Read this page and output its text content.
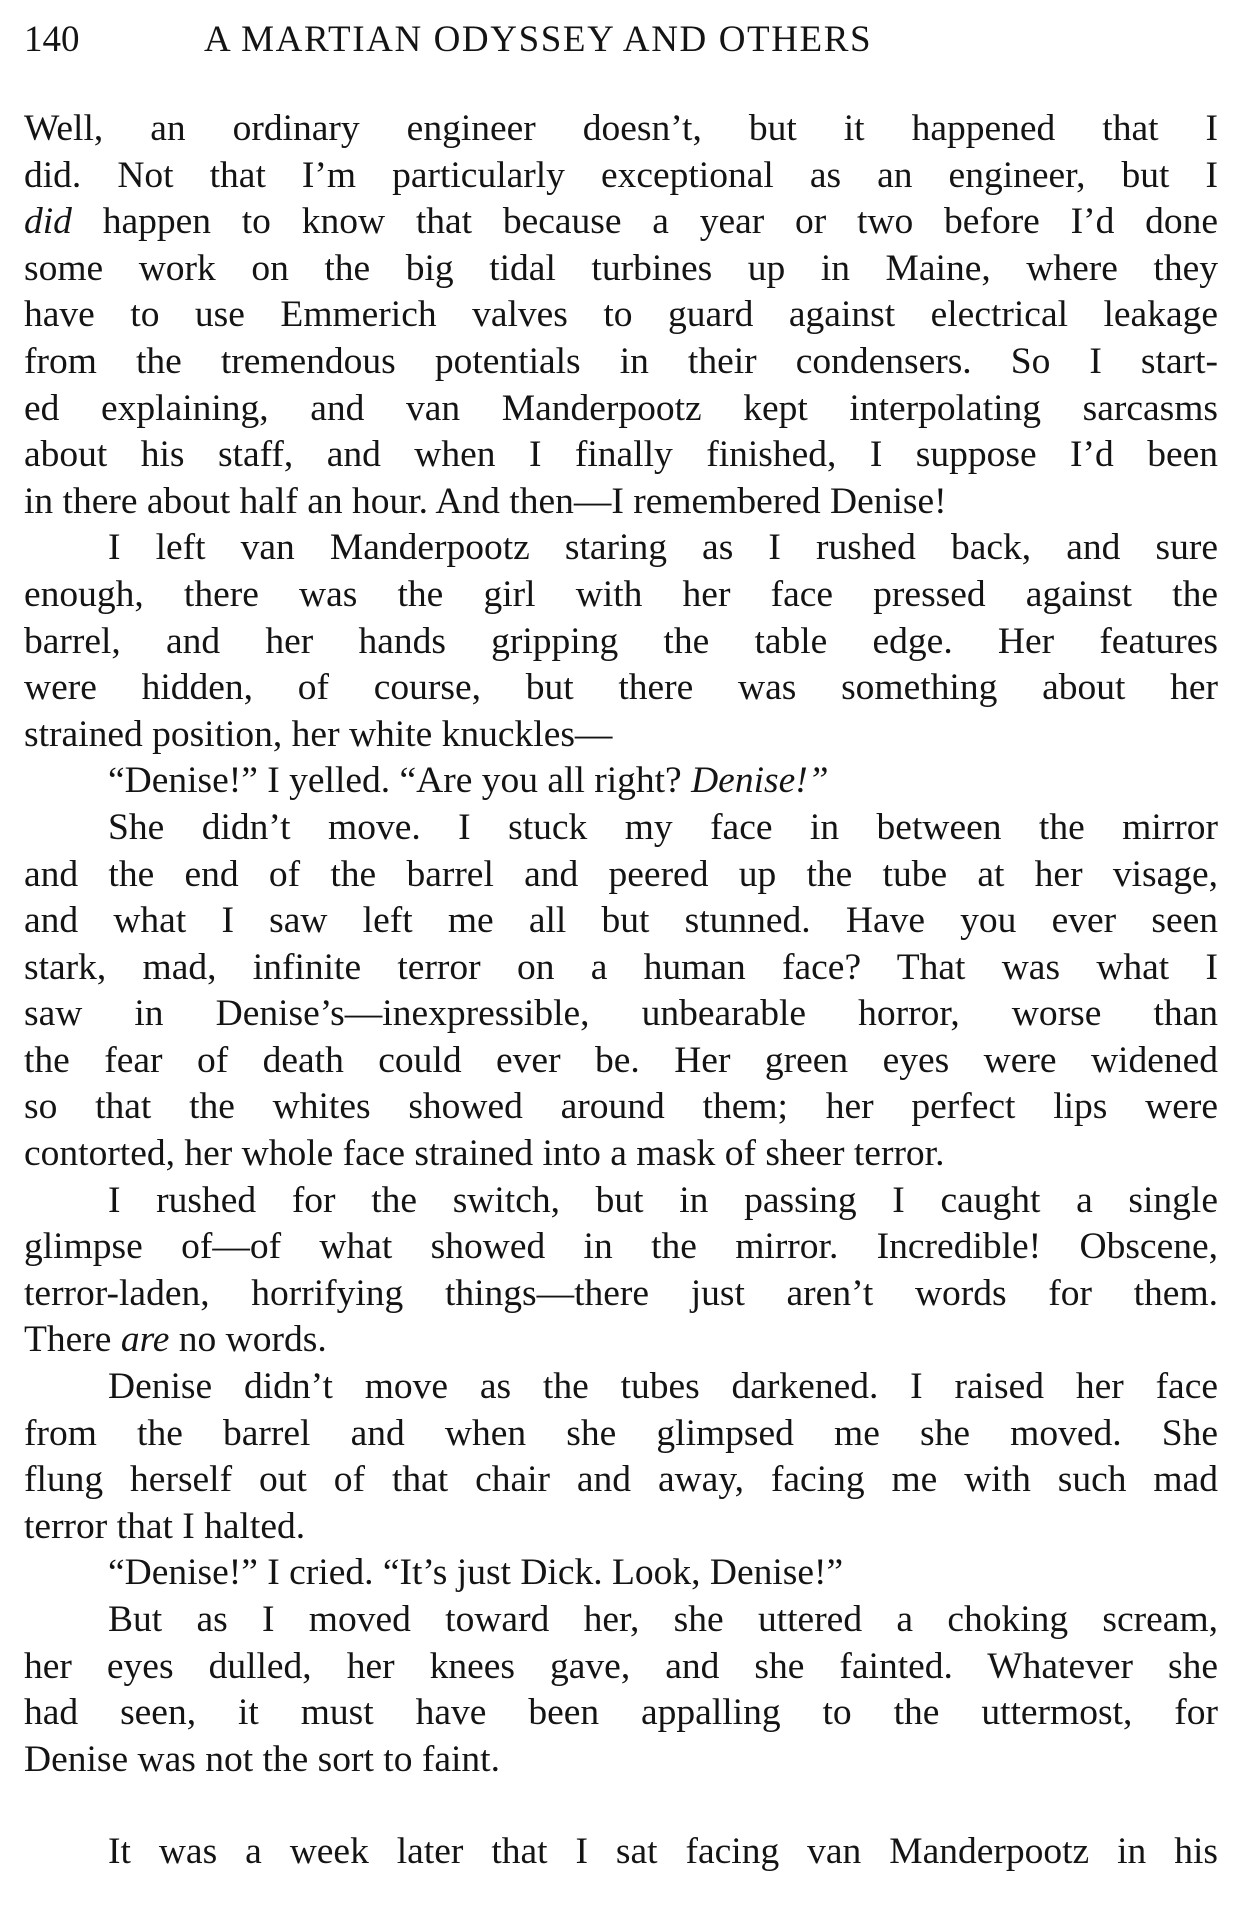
140	A MARTIAN ODYSSEY AND OTHERS

Well, an ordinary engineer doesn’t, but it happened that I
did. Not that I’m particularly exceptional as an engineer, but I
did happen to know that because a year or two before I’d done
some work on the big tidal turbines up in Maine, where they
have to use Emmerich valves to guard against electrical leakage
from the tremendous potentials in their condensers. So I start-
ed explaining, and van Manderpootz kept interpolating sarcasms
about his staff, and when I finally finished, I suppose I’d been
in there about half an hour. And then—I remembered Denise!

I left van Manderpootz staring as I rushed back, and sure
enough, there was the girl with her face pressed against the
barrel, and her hands gripping the table edge. Her features
were hidden, of course, but there was something about her
strained position, her white knuckles—

“Denise!” I yelled. “Are you all right? Denise!”

She didn’t move. I stuck my face in between the mirror
and the end of the barrel and peered up the tube at her visage,
and what I saw left me all but stunned. Have you ever seen
stark, mad, infinite terror on a human face? That was what I
saw in Denise’s—inexpressible, unbearable horror, worse than
the fear of death could ever be. Her green eyes were widened
so that the whites showed around them; her perfect lips were
contorted, her whole face strained into a mask of sheer terror.

I rushed for the switch, but in passing I caught a single
glimpse of—of what showed in the mirror. Incredible! Obscene,
terror-laden, horrifying things—there just aren’t words for them.
There are no words.

Denise didn’t move as the tubes darkened. I raised her face
from the barrel and when she glimpsed me she moved. She
flung herself out of that chair and away, facing me with such mad
terror that I halted.

“Denise!” I cried. “It’s just Dick. Look, Denise!”

But as I moved toward her, she uttered a choking scream,
her eyes dulled, her knees gave, and she fainted. Whatever she
had seen, it must have been appalling to the uttermost, for
Denise was not the sort to faint.

It was a week later that I sat facing van Manderpootz in his
